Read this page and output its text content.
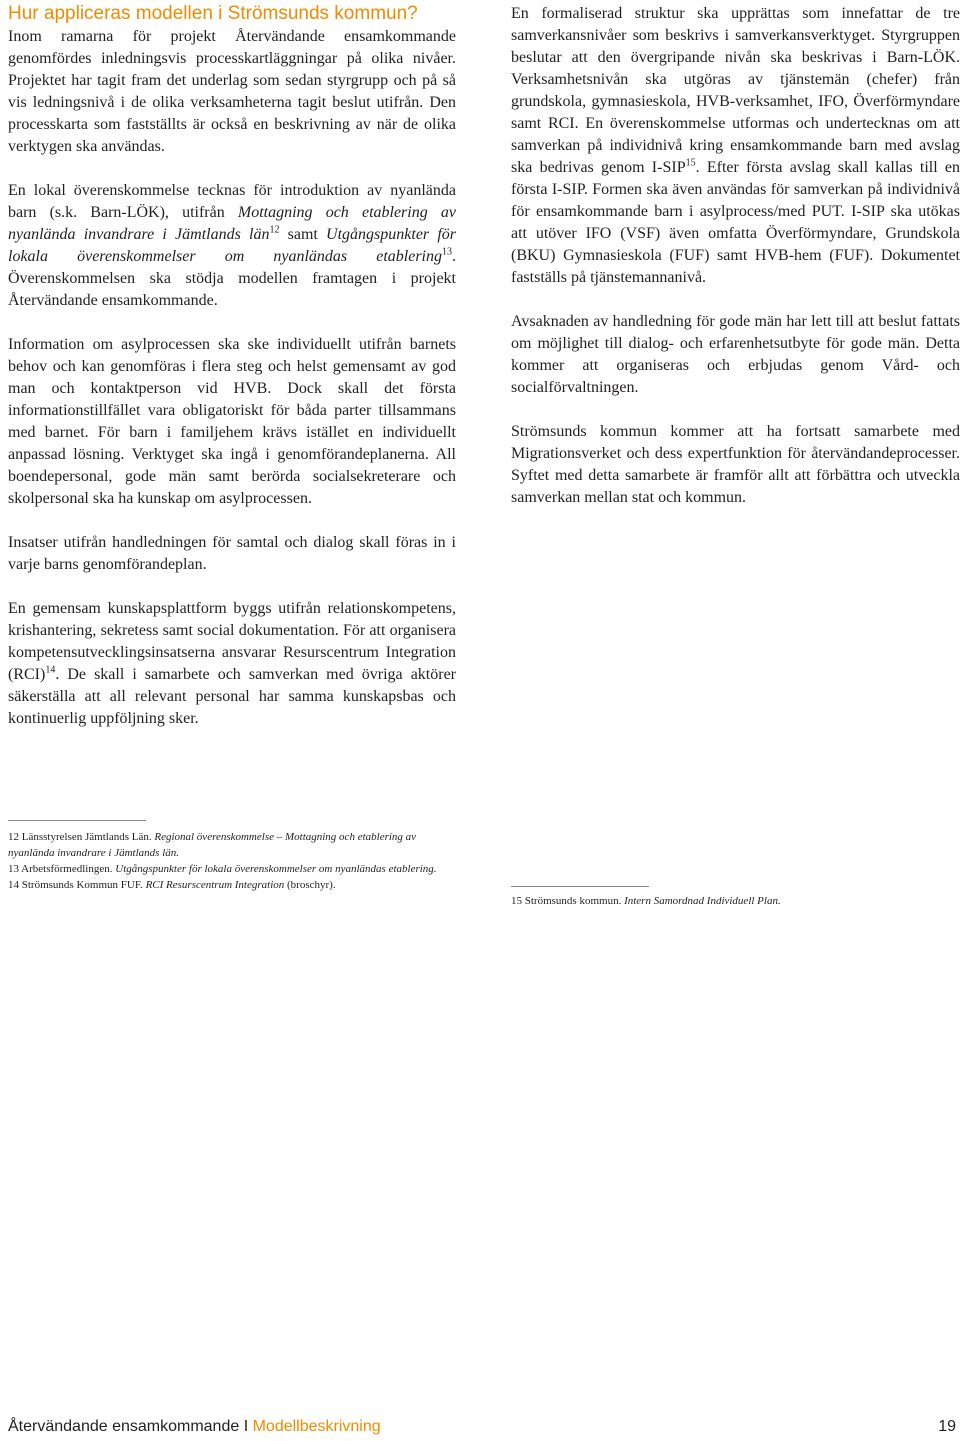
Hur appliceras modellen i Strömsunds kommun?

Inom ramarna för projekt Återvändande ensamkommande genomfördes inledningsvis processkartläggningar på olika nivåer. Projektet har tagit fram det underlag som sedan styrgrupp och på så vis ledningsnivå i de olika verksamheterna tagit beslut utifrån. Den processkarta som fastställts är också en beskrivning av när de olika verktygen ska användas.

En lokal överenskommelse tecknas för introduktion av nyanlända barn (s.k. Barn-LÖK), utifrån Mottagning och etablering av nyanlända invandrare i Jämtlands län$^{12}$ samt Utgångspunkter för lokala överenskommelser om nyanländas etablering$^{13}$. Överenskommelsen ska stödja modellen framtagen i projekt Återvändande ensamkommande.

Information om asylprocessen ska ske individuellt utifrån barnets behov och kan genomföras i flera steg och helst gemensamt av god man och kontaktperson vid HVB. Dock skall det första informationstillfället vara obligatoriskt för båda parter tillsammans med barnet. För barn i familjehem krävs istället en individuellt anpassad lösning. Verktyget ska ingå i genomförandeplanerna. All boendepersonal, gode män samt berörda socialsekreterare och skolpersonal ska ha kunskap om asylprocessen.

Insatser utifrån handledningen för samtal och dialog skall föras in i varje barns genomförandeplan.

En gemensam kunskapsplattform byggs utifrån relationskompetens, krishantering, sekretess samt social dokumentation. För att organisera kompetensutvecklingsinsatserna ansvarar Resurscentrum Integration (RCI)$^{14}$. De skall i samarbete och samverkan med övriga aktörer säkerställa att all relevant personal har samma kunskapsbas och kontinuerlig uppföljning sker.

En formaliserad struktur ska upprättas som innefattar de tre samverkansnivåer som beskrivs i samverkansverktyget. Styrgruppen beslutar att den övergripande nivån ska beskrivas i Barn-LÖK. Verksamhetsnivån ska utgöras av tjänstemän (chefer) från grundskola, gymnasieskola, HVB-verksamhet, IFO, Överförmyndare samt RCI. En överenskommelse utformas och undertecknas om att samverkan på individnivå kring ensamkommande barn med avslag ska bedrivas genom I-SIP$^{15}$. Efter första avslag skall kallas till en första I-SIP. Formen ska även användas för samverkan på individnivå för ensamkommande barn i asylprocess/med PUT. I-SIP ska utökas att utöver IFO (VSF) även omfatta Överförmyndare, Grundskola (BKU) Gymnasieskola (FUF) samt HVB-hem (FUF). Dokumentet fastställs på tjänstemannanivå.

Avsaknaden av handledning för gode män har lett till att beslut fattats om möjlighet till dialog- och erfarenhetsutbyte för gode män. Detta kommer att organiseras och erbjudas genom Vård- och socialförvaltningen.

Strömsunds kommun kommer att ha fortsatt samarbete med Migrationsverket och dess expertfunktion för återvändandeprocesser. Syftet med detta samarbete är framför allt att förbättra och utveckla samverkan mellan stat och kommun.

12 Länsstyrelsen Jämtlands Län. Regional överenskommelse – Mottagning och etablering av nyanlända invandrare i Jämtlands län.

13 Arbetsförmedlingen. Utgångspunkter för lokala överenskommelser om nyanländas etablering.

14 Strömsunds Kommun FUF. RCI Resurscentrum Integration (broschyr).

15 Strömsunds kommun. Intern Samordnad Individuell Plan.

Återvändande ensamkommande I Modellbeskrivning	19
